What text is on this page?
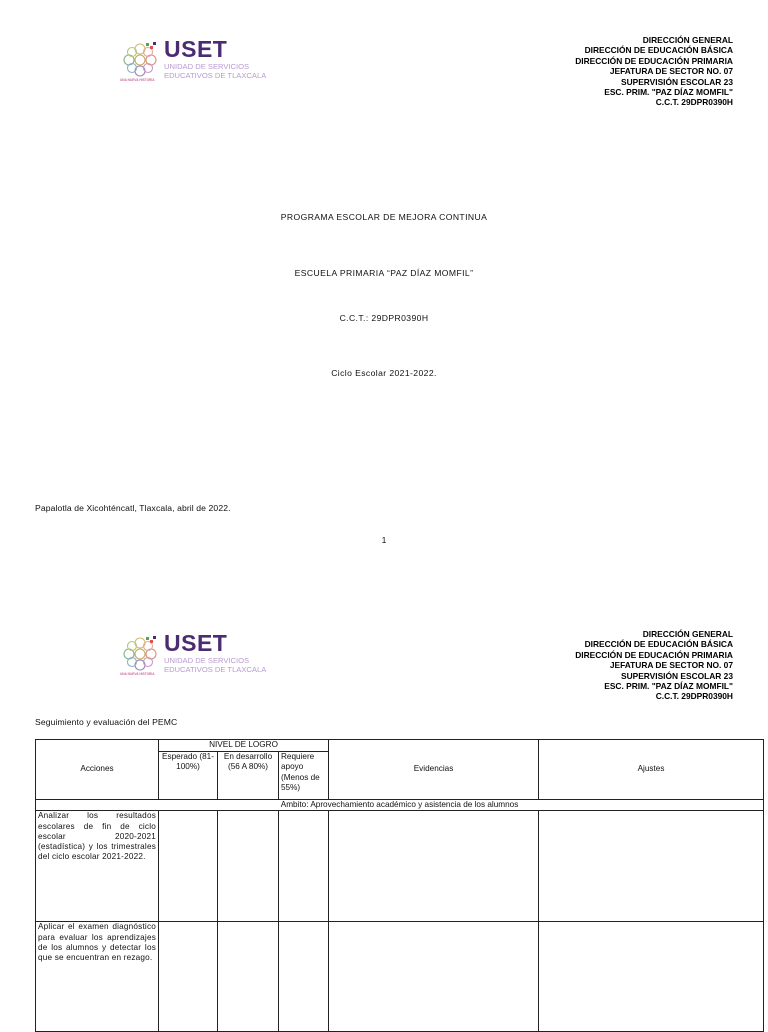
USET
UNIDAD DE SERVICIOS
EDUCATIVOS DE TLAXCALA
UNA NUEVA HISTORIA
DIRECCIÓN GENERAL
DIRECCIÓN DE EDUCACIÓN BÁSICA
DIRECCIÓN DE EDUCACIÓN PRIMARIA
JEFATURA DE SECTOR NO. 07
SUPERVISIÓN ESCOLAR 23
ESC. PRIM. "PAZ DÍAZ MOMFIL"
C.C.T. 29DPR0390H
PROGRAMA ESCOLAR DE MEJORA CONTINUA
ESCUELA PRIMARIA “PAZ DÍAZ MOMFIL”
C.C.T.: 29DPR0390H
Ciclo Escolar 2021-2022.
Papalotla de Xicohténcatl, Tlaxcala, abril de 2022.
1
USET
UNIDAD DE SERVICIOS
EDUCATIVOS DE TLAXCALA
UNA NUEVA HISTORIA
DIRECCIÓN GENERAL
DIRECCIÓN DE EDUCACIÓN BÁSICA
DIRECCIÓN DE EDUCACIÓN PRIMARIA
JEFATURA DE SECTOR NO. 07
SUPERVISIÓN ESCOLAR 23
ESC. PRIM. "PAZ DÍAZ MOMFIL"
C.C.T. 29DPR0390H
Seguimiento y evaluación del PEMC
Acciones	NIVEL DE LOGRO			Evidencias	Ajustes
	Esperado (81-100%)	En desarrollo (56 A 80%)	Requiere apoyo (Menos de 55%)		
Ambito: Aprovechamiento académico y asistencia de los alumnos					
Analizar los resultados escolares de fin de ciclo escolar 2020-2021 (estadística) y los trimestrales del ciclo escolar 2021-2022.					
Aplicar el examen diagnóstico para evaluar los aprendizajes de los alumnos y detectar los que se encuentran en rezago.					
